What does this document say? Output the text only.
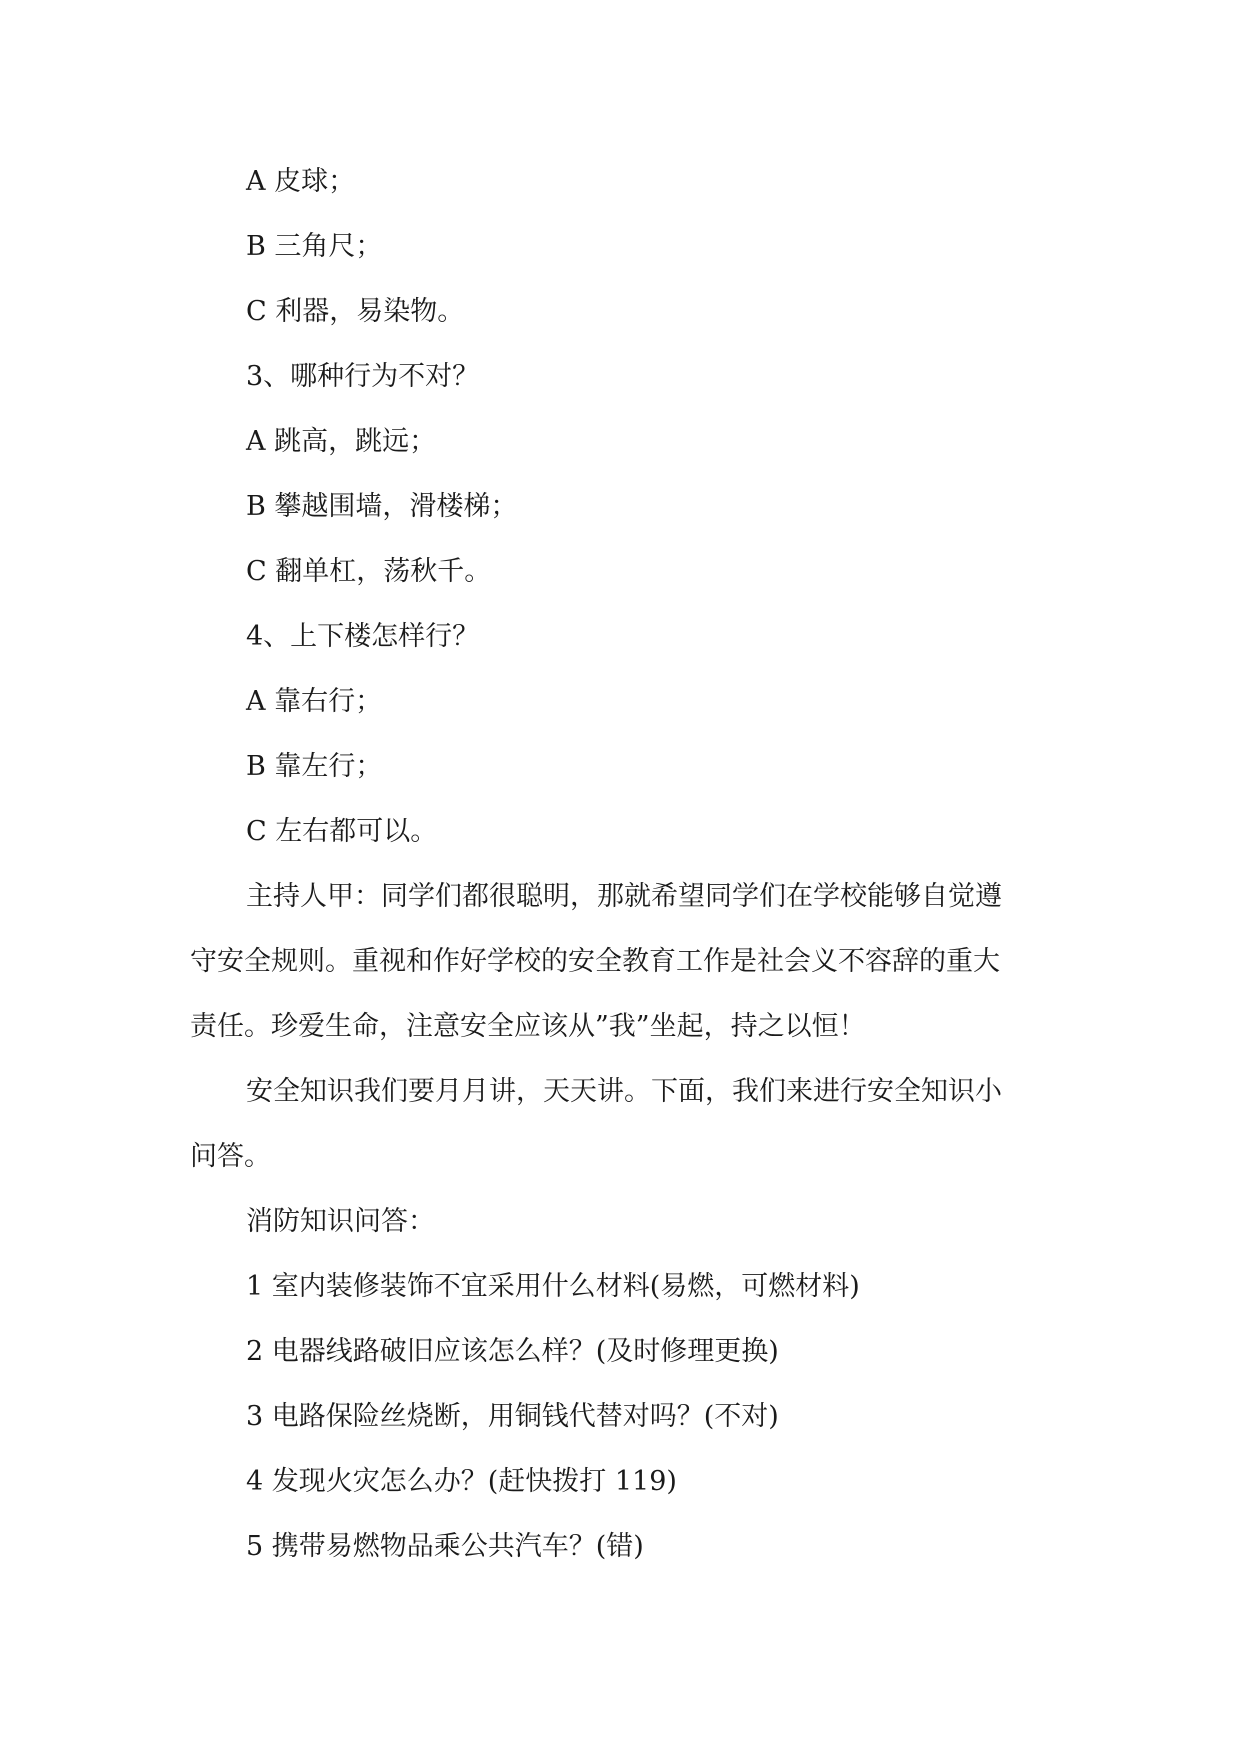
A 皮球；
B 三角尺；
C 利器，易染物。
3、哪种行为不对？
A 跳高，跳远；
B 攀越围墙，滑楼梯；
C 翻单杠，荡秋千。
4、上下楼怎样行？
A 靠右行；
B 靠左行；
C 左右都可以。
主持人甲：同学们都很聪明，那就希望同学们在学校能够自觉遵
守安全规则。重视和作好学校的安全教育工作是社会义不容辞的重大
责任。珍爱生命，注意安全应该从”我”坐起，持之以恒！
安全知识我们要月月讲，天天讲。下面，我们来进行安全知识小
问答。
消防知识问答：
1 室内装修装饰不宜采用什么材料(易燃，可燃材料)
2 电器线路破旧应该怎么样？(及时修理更换)
3 电路保险丝烧断，用铜钱代替对吗？(不对)
4 发现火灾怎么办？(赶快拨打 119)
5 携带易燃物品乘公共汽车？(错)
